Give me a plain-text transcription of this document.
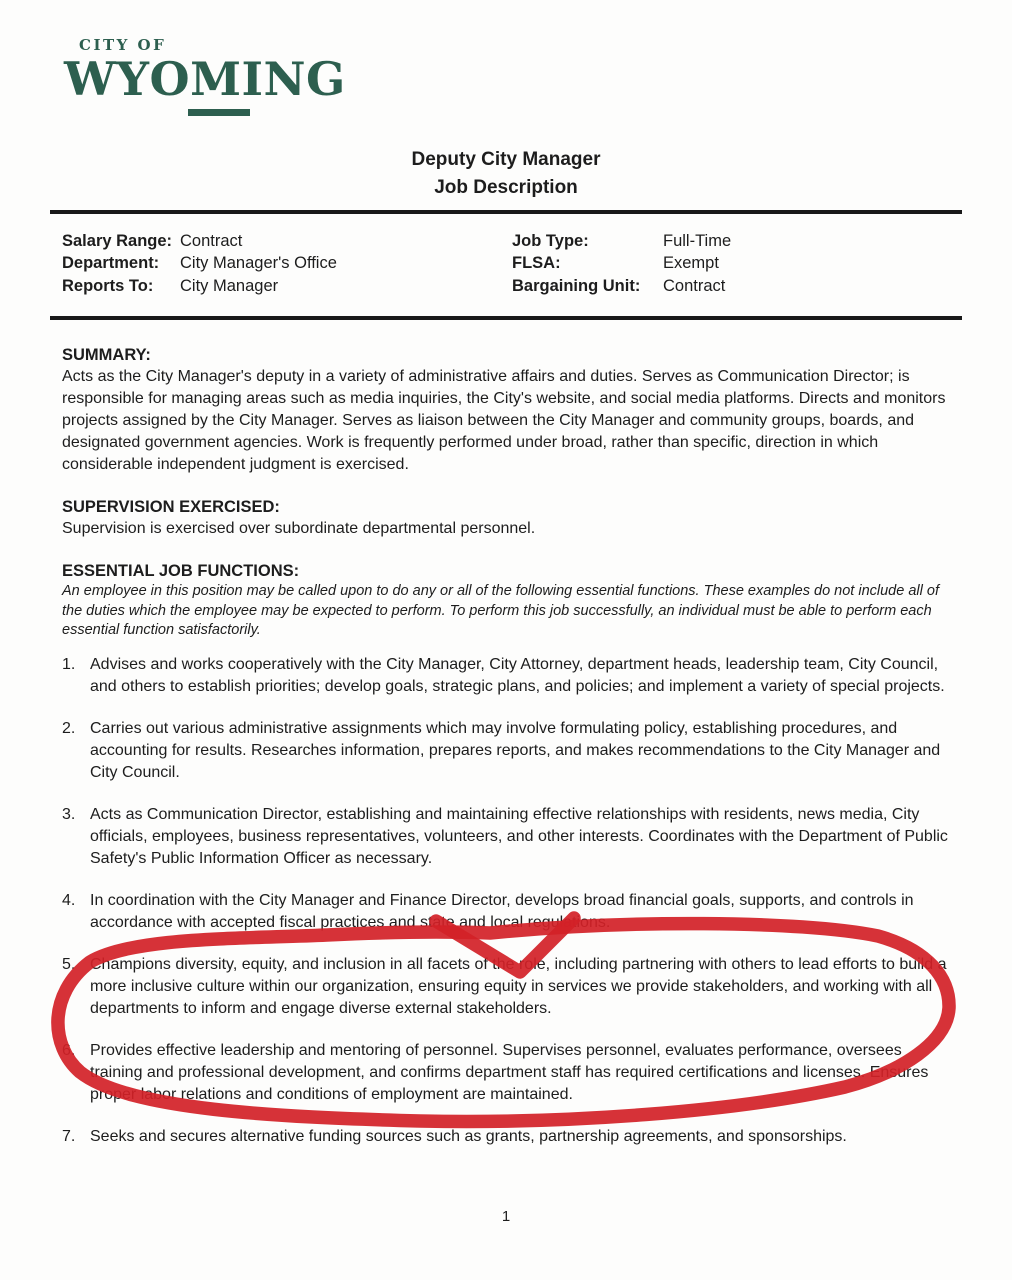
CITY OF
WYOMING
Deputy City Manager
Job Description
Salary Range: Contract
Department:	City Manager's Office
Reports To:	City Manager
Job Type:	Full-Time
FLSA:	Exempt
Bargaining Unit:	Contract
SUMMARY:
Acts as the City Manager's deputy in a variety of administrative affairs and duties. Serves as Communication Director; is responsible for managing areas such as media inquiries, the City's website, and social media platforms. Directs and monitors projects assigned by the City Manager. Serves as liaison between the City Manager and community groups, boards, and designated government agencies. Work is frequently performed under broad, rather than specific, direction in which considerable independent judgment is exercised.
SUPERVISION EXERCISED:
Supervision is exercised over subordinate departmental personnel.
ESSENTIAL JOB FUNCTIONS:
An employee in this position may be called upon to do any or all of the following essential functions. These examples do not include all of the duties which the employee may be expected to perform. To perform this job successfully, an individual must be able to perform each essential function satisfactorily.
1. Advises and works cooperatively with the City Manager, City Attorney, department heads, leadership team, City Council, and others to establish priorities; develop goals, strategic plans, and policies; and implement a variety of special projects.
2. Carries out various administrative assignments which may involve formulating policy, establishing procedures, and accounting for results. Researches information, prepares reports, and makes recommendations to the City Manager and City Council.
3. Acts as Communication Director, establishing and maintaining effective relationships with residents, news media, City officials, employees, business representatives, volunteers, and other interests. Coordinates with the Department of Public Safety's Public Information Officer as necessary.
4. In coordination with the City Manager and Finance Director, develops broad financial goals, supports, and controls in accordance with accepted fiscal practices and state and local regulations.
5. Champions diversity, equity, and inclusion in all facets of the role, including partnering with others to lead efforts to build a more inclusive culture within our organization, ensuring equity in services we provide stakeholders, and working with all departments to inform and engage diverse external stakeholders.
6. Provides effective leadership and mentoring of personnel. Supervises personnel, evaluates performance, oversees training and professional development, and confirms department staff has required certifications and licenses. Ensures proper labor relations and conditions of employment are maintained.
7. Seeks and secures alternative funding sources such as grants, partnership agreements, and sponsorships.
1
